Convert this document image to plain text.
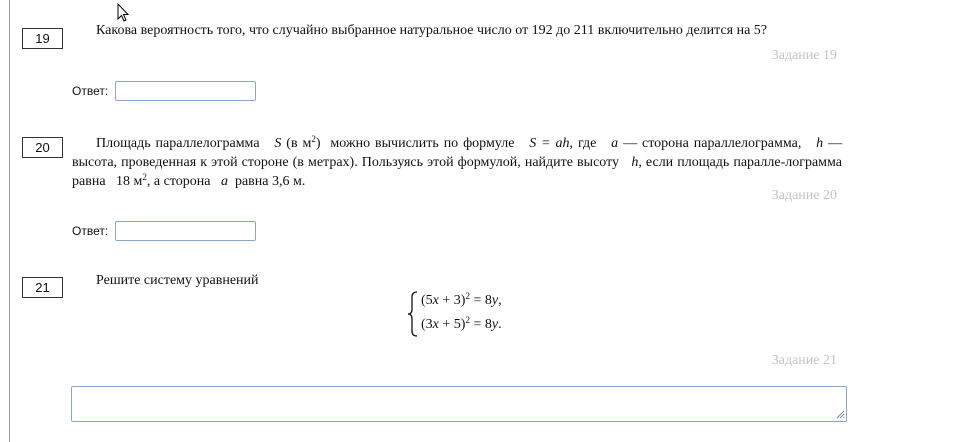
19
Какова вероятность того, что случайно выбранное натуральное число от 192 до 211 включительно делится на 5?
Задание 19
Ответ:
20	Площадь параллелограмма S (в $м^2$) можно вычислить по формуле S = ah, где a — сторона параллелограмма, h — высота, проведенная к этой стороне (в метрах). Пользуясь этой формулой, найдите высоту h, если площадь паралле-лограмма равна 18 $м^2$, а сторона a равна 3,6 м.
Задание 20
Ответ:
21	Решите систему уравнений
$(5x + 3)^2 = 8y$,
$(3x + 5)^2 = 8y$.
Задание 21
